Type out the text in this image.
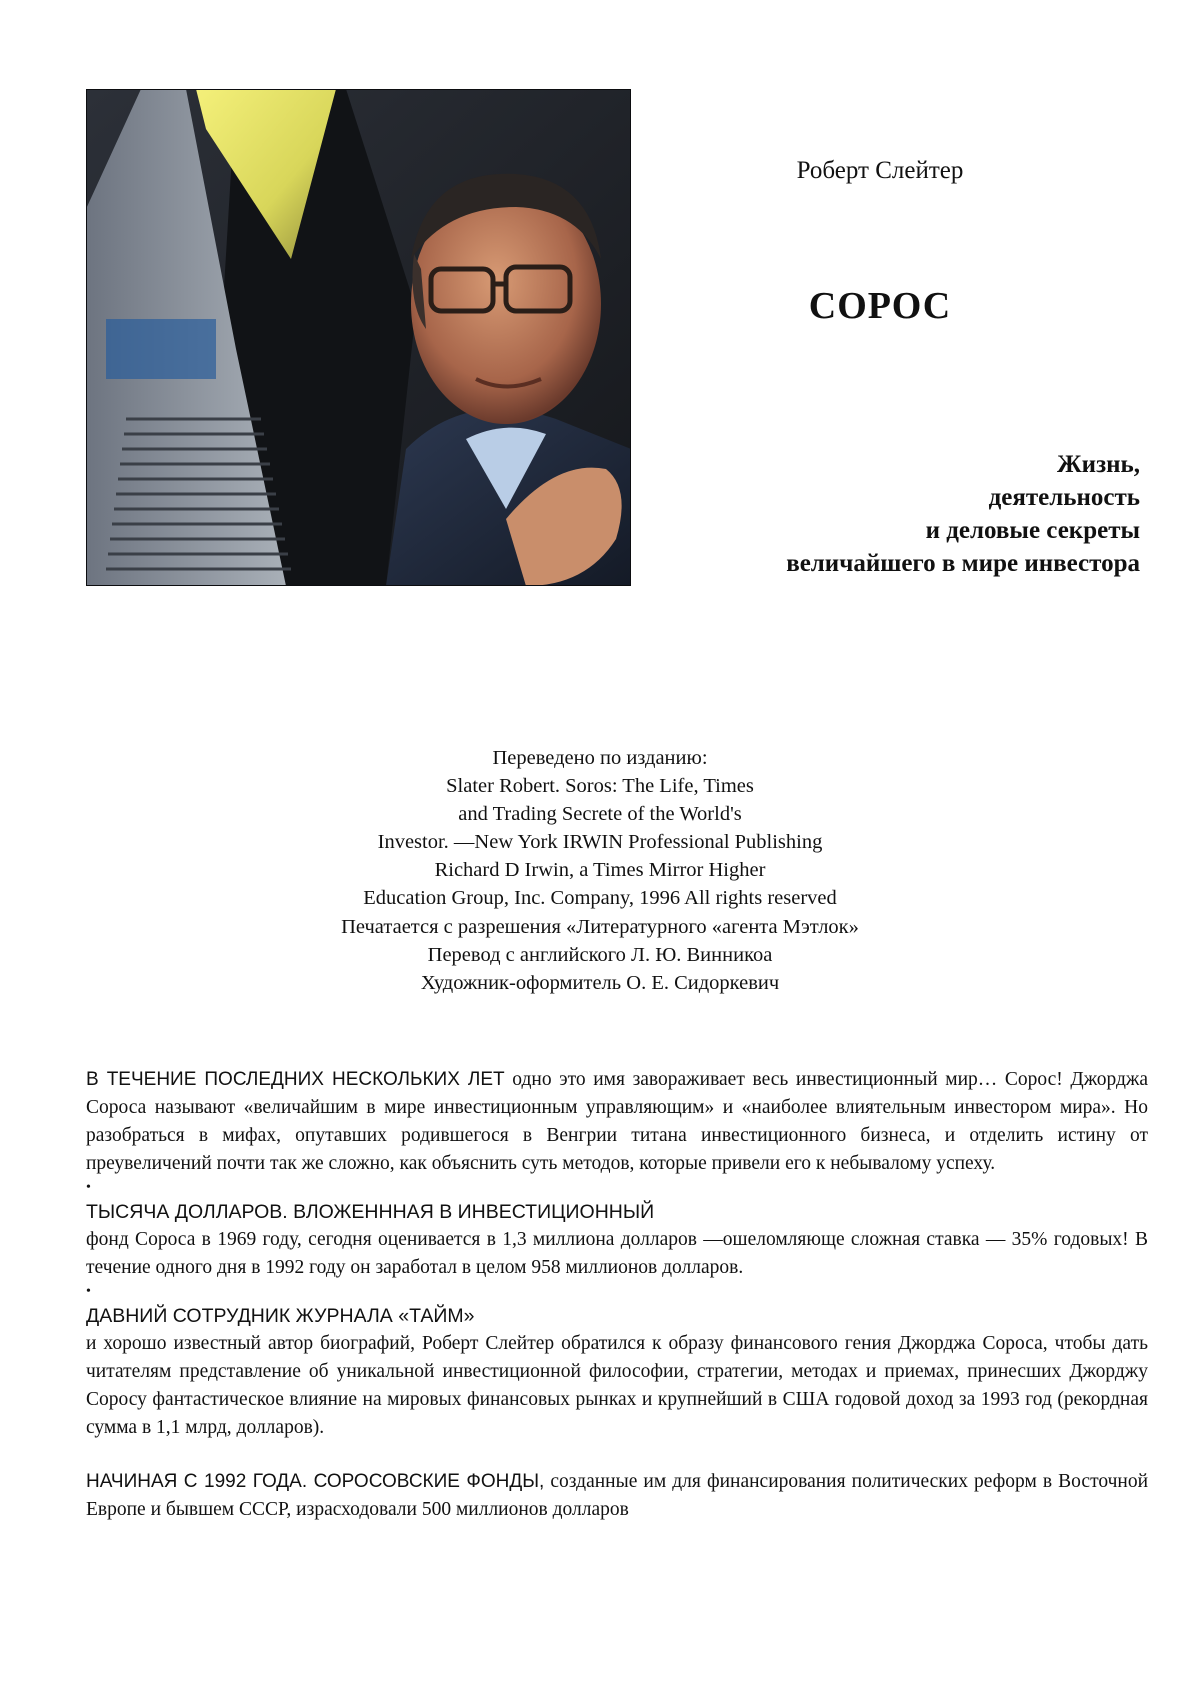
Роберт Слейтер
СОРОС
Жизнь,
деятельность
и деловые секреты
величайшего в мире инвестора
Переведено по изданию:
Slater Robert. Soros: The Life, Times
and Trading Secrete of the World's
Investor. —New York IRWIN Professional Publishing
Richard D Irwin, a Times Mirror Higher
Education Group, Inc. Company, 1996 All rights reserved
Печатается с разрешения «Литературного «агента Мэтлок»
Перевод с английского Л. Ю. Винникоа
Художник-оформитель О. Е. Сидоркевич

В ТЕЧЕНИЕ ПОСЛЕДНИХ НЕСКОЛЬКИХ ЛЕТ одно это имя завораживает весь инвестиционный мир… Сорос! Джорджа Сороса называют «величайшим в мире инвестиционным управляющим» и «наиболее влиятельным инвестором мира». Но разобраться в мифах, опутавших родившегося в Венгрии титана инвестиционного бизнеса, и отделить истину от преувеличений почти так же сложно, как объяснить суть методов, которые привели его к небывалому успеху.

•

ТЫСЯЧА ДОЛЛАРОВ. ВЛОЖЕНННАЯ В ИНВЕСТИЦИОННЫЙ

фонд Сороса в 1969 году, сегодня оценивается в 1,3 миллиона долларов —ошеломляюще сложная ставка — 35% годовых! В течение одного дня в 1992 году он заработал в целом 958 миллионов долларов.

•

ДАВНИЙ СОТРУДНИК ЖУРНАЛА «ТАЙМ»

и хорошо известный автор биографий, Роберт Слейтер обратился к образу финансового гения Джорджа Сороса, чтобы дать читателям представление об уникальной инвестиционной философии, стратегии, методах и приемах, принесших Джорджу Соросу фантастическое влияние на мировых финансовых рынках и крупнейший в США годовой доход за 1993 год (рекордная сумма в 1,1 млрд, долларов).

НАЧИНАЯ С 1992 ГОДА. СОРОСОВСКИЕ ФОНДЫ, созданные им для финансирования политических реформ в Восточной Европе и бывшем СССР, израсходовали 500 миллионов долларов
